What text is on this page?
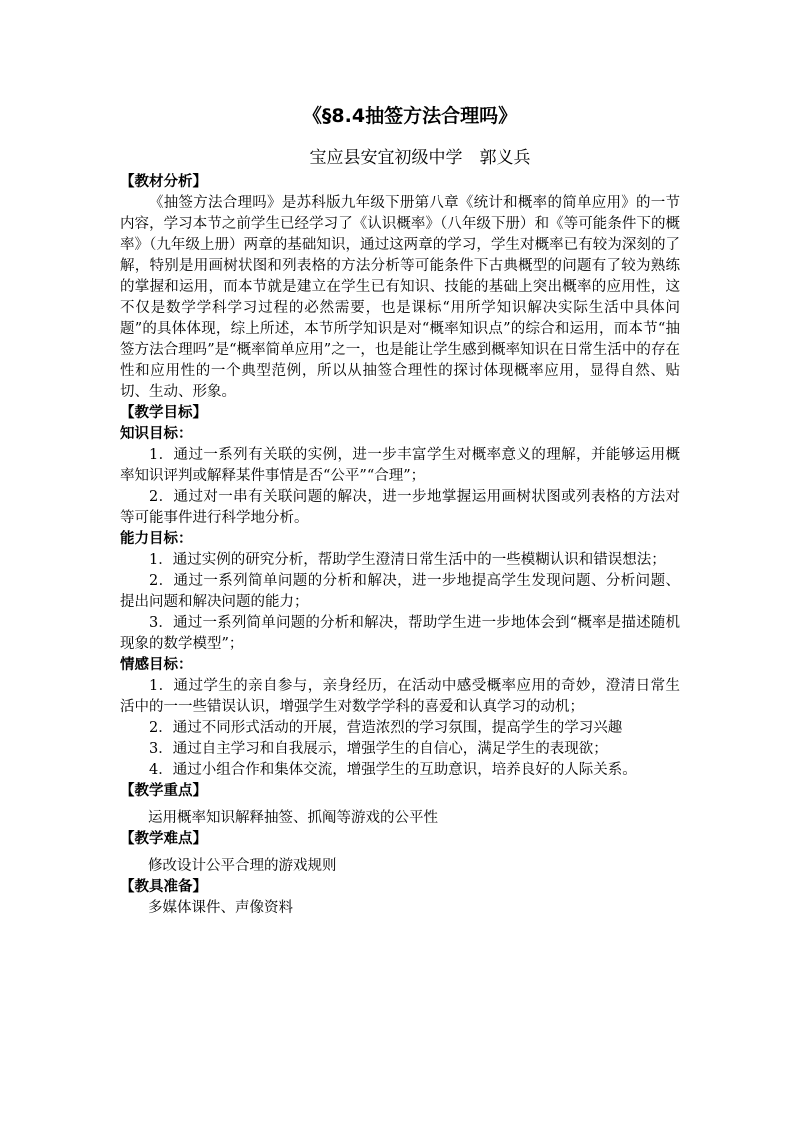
《§8.4抽签方法合理吗》

宝应县安宜初级中学　郭义兵

【教材分析】

《抽签方法合理吗》是苏科版九年级下册第八章《统计和概率的简单应用》的一节内容，学习本节之前学生已经学习了《认识概率》（八年级下册）和《等可能条件下的概率》（九年级上册）两章的基础知识，通过这两章的学习，学生对概率已有较为深刻的了解，特别是用画树状图和列表格的方法分析等可能条件下古典概型的问题有了较为熟练的掌握和运用，而本节就是建立在学生已有知识、技能的基础上突出概率的应用性，这不仅是数学学科学习过程的必然需要，也是课标“用所学知识解决实际生活中具体问题”的具体体现，综上所述，本节所学知识是对“概率知识点”的综合和运用，而本节“抽签方法合理吗”是“概率简单应用”之一，也是能让学生感到概率知识在日常生活中的存在性和应用性的一个典型范例，所以从抽签合理性的探讨体现概率应用，显得自然、贴切、生动、形象。

【教学目标】

知识目标：

1．通过一系列有关联的实例，进一步丰富学生对概率意义的理解，并能够运用概率知识评判或解释某件事情是否“公平”“合理”；

2．通过对一串有关联问题的解决，进一步地掌握运用画树状图或列表格的方法对等可能事件进行科学地分析。

能力目标：

1．通过实例的研究分析，帮助学生澄清日常生活中的一些模糊认识和错误想法；

2．通过一系列简单问题的分析和解决，进一步地提高学生发现问题、分析问题、提出问题和解决问题的能力；

3．通过一系列简单问题的分析和解决，帮助学生进一步地体会到“概率是描述随机现象的数学模型”；

情感目标：

1．通过学生的亲自参与，亲身经历，在活动中感受概率应用的奇妙，澄清日常生活中的一一些错误认识，增强学生对数学学科的喜爱和认真学习的动机；

2．通过不同形式活动的开展，营造浓烈的学习氛围，提高学生的学习兴趣

3．通过自主学习和自我展示，增强学生的自信心，满足学生的表现欲；

4．通过小组合作和集体交流，增强学生的互助意识，培养良好的人际关系。

【教学重点】

运用概率知识解释抽签、抓阄等游戏的公平性

【教学难点】

修改设计公平合理的游戏规则

【教具准备】

多媒体课件、声像资料
